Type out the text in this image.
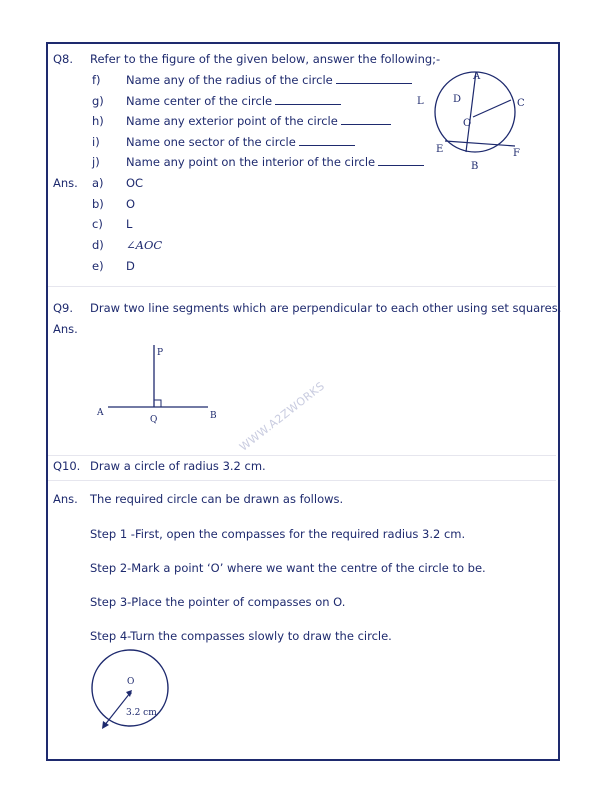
Q8. Refer to the figure of the given below, answer the following;-
f) Name any of the radius of the circle
g) Name center of the circle
h) Name any exterior point of the circle
i) Name one sector of the circle
j) Name any point on the interior of the circle
Ans. a) OC
b) O
c) L
d) ∠AOC
e) D
A
C
D
O
L
E	F
B
Q9. Draw two line segments which are perpendicular to each other using set squares.
Ans.
P
A
Q	B WWW.A2ZWORKS
Q10. Draw a circle of radius 3.2 cm.
Ans. The required circle can be drawn as follows.
Step 1 -First, open the compasses for the required radius 3.2 cm.
Step 2-Mark a point ‘O’ where we want the centre of the circle to be.
Step 3-Place the pointer of compasses on O.
Step 4-Turn the compasses slowly to draw the circle.
O
3.2 cm
